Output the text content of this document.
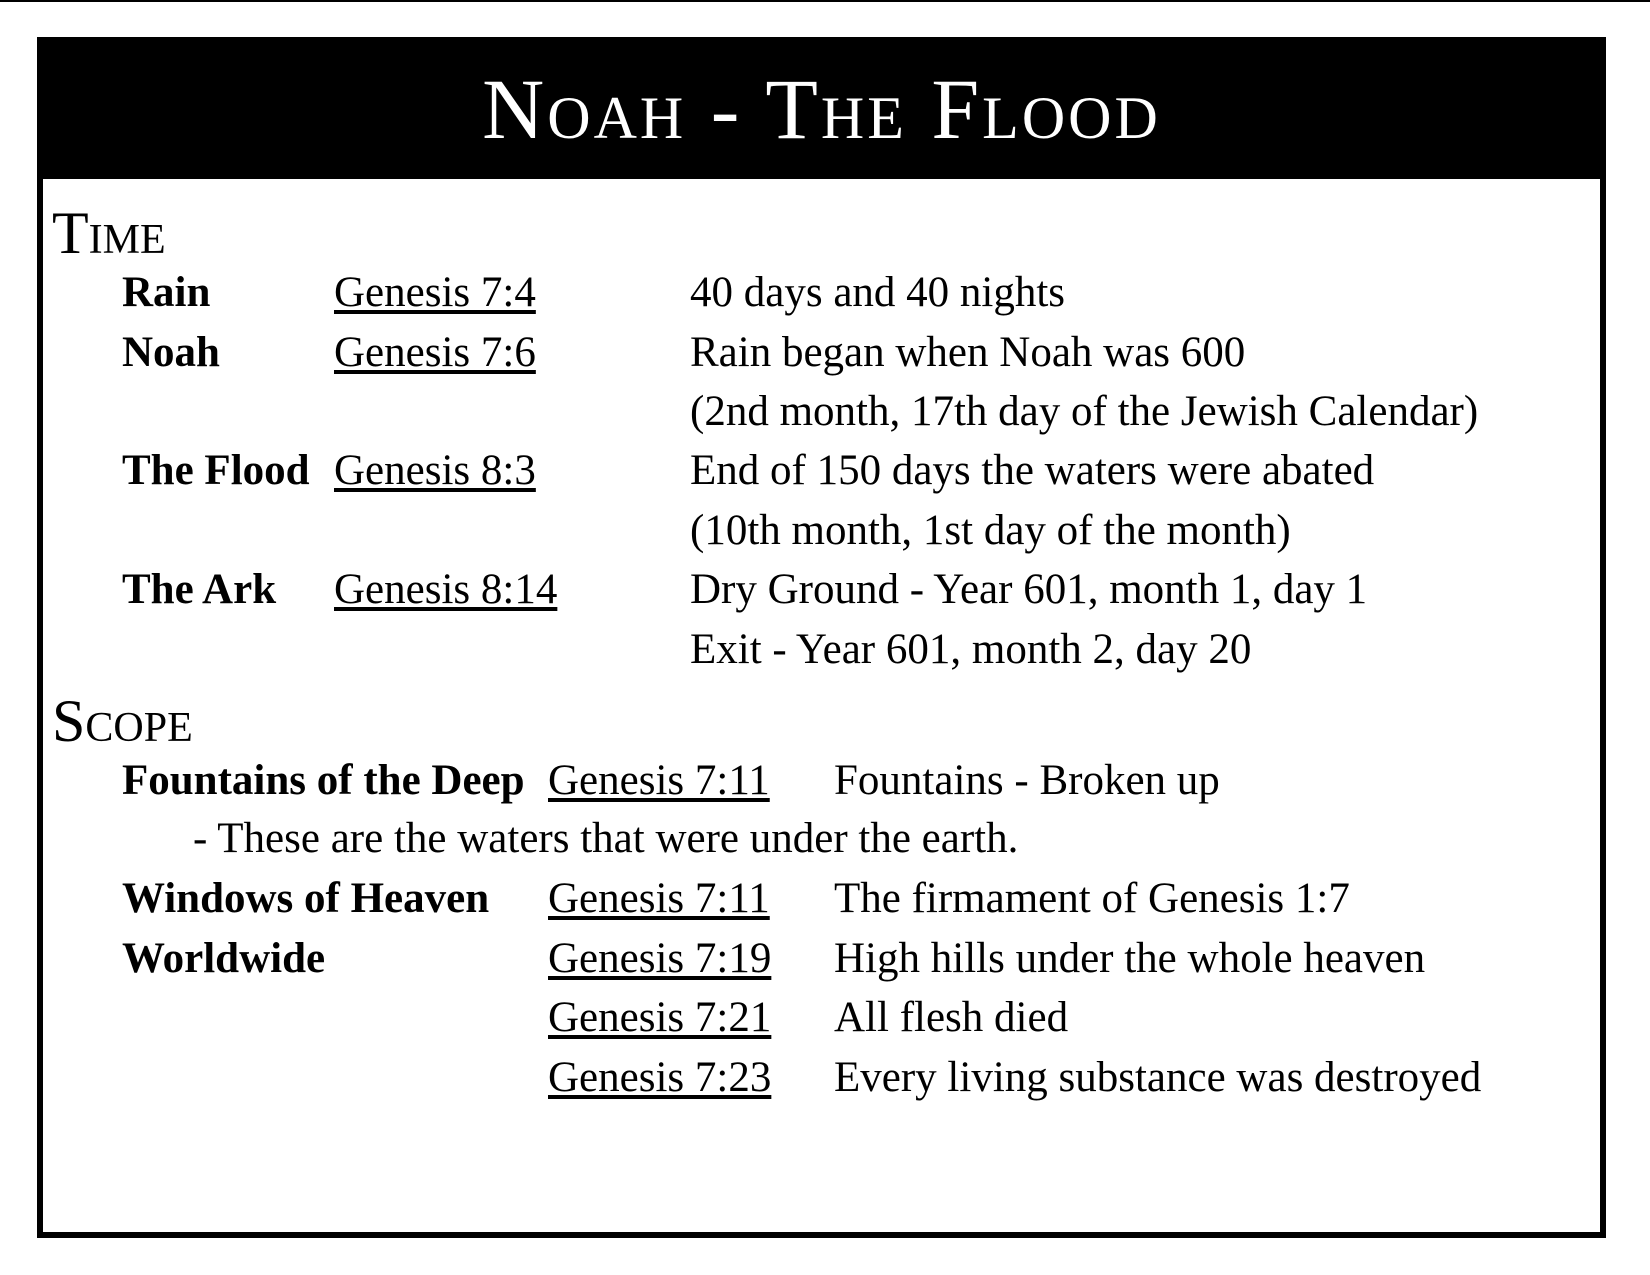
Noah - The Flood
Time
Rain	Genesis 7:4	40 days and 40 nights
Noah	Genesis 7:6	Rain began when Noah was 600
(2nd month, 17th day of the Jewish Calendar)
The Flood Genesis 8:3	End of 150 days the waters were abated
(10th month, 1st day of the month)
The Ark Genesis 8:14	Dry Ground - Year 601, month 1, day 1
Exit - Year 601, month 2, day 20
Scope
Fountains of the Deep Genesis 7:11 Fountains - Broken up
- These are the waters that were under the earth.
Windows of Heaven Genesis 7:11 The firmament of Genesis 1:7
Worldwide	Genesis 7:19 High hills under the whole heaven
Genesis 7:21 All flesh died
Genesis 7:23 Every living substance was destroyed
